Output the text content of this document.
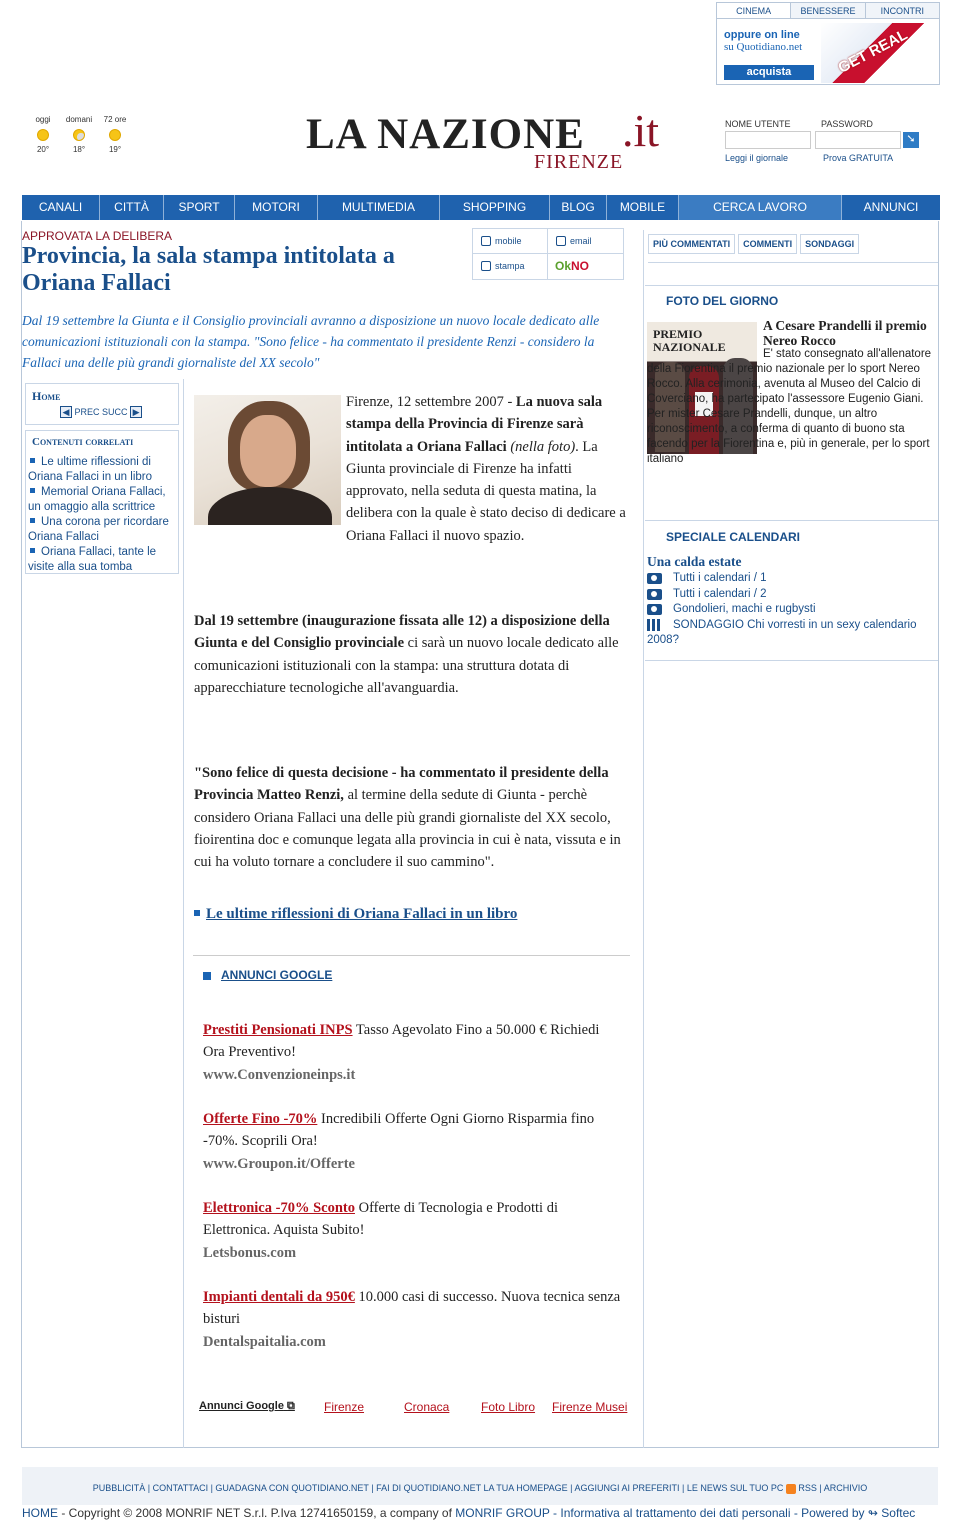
CINEMA	BENESSERE	INCONTRI
oppure on line
su Quotidiano.net
acquista	GET REAL
oggi
20°
domani
18°
72 ore
19°	LA NAZIONE .it
FIRENZE
NOME UTENTE	PASSWORD
➘
Leggi il giornale	Prova GRATUITA
CANALI	CITTÀ	SPORT	MOTORI	MULTIMEDIA	SHOPPING	BLOG	MOBILE	CERCA LAVORO	ANNUNCI
APPROVATA LA DELIBERA
Provincia, la sala stampa intitolata a Oriana Fallaci
Dal 19 settembre la Giunta e il Consiglio provinciali avranno a disposizione un nuovo locale dedicato alle comunicazioni istituzionali con la stampa. "Sono felice - ha commentato il presidente Renzi - considero la Fallaci una delle più grandi giornaliste del XX secolo"
mobile	email
stampa	OkNO
Home
◀ PREC SUCC ▶
Contenuti correlati
Le ultime riflessioni di Oriana Fallaci in un libro
Memorial Oriana Fallaci, un omaggio alla scrittrice
Una corona per ricordare Oriana Fallaci
Oriana Fallaci, tante le visite alla sua tomba
Firenze, 12 settembre 2007 - La nuova sala stampa della Provincia di Firenze sarà intitolata a Oriana Fallaci (nella foto). La Giunta provinciale di Firenze ha infatti approvato, nella seduta di questa matina, la delibera con la quale è stato deciso di dedicare a Oriana Fallaci il nuovo spazio.
Dal 19 settembre (inaugurazione fissata alle 12) a disposizione della Giunta e del Consiglio provinciale ci sarà un nuovo locale dedicato alle comunicazioni istituzionali con la stampa: una struttura dotata di apparecchiature tecnologiche all'avanguardia.
"Sono felice di questa decisione - ha commentato il presidente della Provincia Matteo Renzi, al termine della sedute di Giunta - perchè considero Oriana Fallaci una delle più grandi giornaliste del XX secolo, fioirentina doc e comunque legata alla provincia in cui è nata, vissuta e in cui ha voluto tornare a concludere il suo cammino".
Le ultime riflessioni di Oriana Fallaci in un libro
ANNUNCI GOOGLE
Prestiti Pensionati INPS Tasso Agevolato Fino a 50.000 € Richiedi Ora Preventivo!
www.Convenzioneinps.it
Offerte Fino -70% Incredibili Offerte Ogni Giorno Risparmia fino -70%. Scoprili Ora!
www.Groupon.it/Offerte
Elettronica -70% Sconto Offerte di Tecnologia e Prodotti di Elettronica. Aquista Subito!
Letsbonus.com
Impianti dentali da 950€ 10.000 casi di successo. Nuova tecnica senza bisturi
Dentalspaitalia.com
Annunci Google ⧉ Firenze	Cronaca	Foto Libro Firenze Musei
PIÙ COMMENTATI	COMMENTI	SONDAGGI
FOTO DEL GIORNO
PREMIO NAZIONALE
A Cesare Prandelli il premio Nereo Rocco
E' stato consegnato all'allenatore della Fiorentina il premio nazionale per lo sport Nereo Rocco. Alla cerimonia, avenuta al Museo del Calcio di Coverciano, ha partecipato l'assessore Eugenio Giani. Per mister Cesare Prandelli, dunque, un altro riconoscimento, a conferma di quanto di buono sta facendo per la Fiorentina e, più in generale, per lo sport italiano
SPECIALE CALENDARI
Una calda estate
Tutti i calendari / 1
Tutti i calendari / 2
Gondolieri, machi e rugbysti
SONDAGGIO Chi vorresti in un sexy calendario 2008?
PUBBLICITÀ | CONTATTACI | GUADAGNA CON QUOTIDIANO.NET | FAI DI QUOTIDIANO.NET LA TUA HOMEPAGE | AGGIUNGI AI PREFERITI | LE NEWS SUL TUO PC RSS | ARCHIVIO
HOME - Copyright © 2008 MONRIF NET S.r.l. P.Iva 12741650159, a company of MONRIF GROUP - Informativa al trattamento dei dati personali - Powered by ↬ Softec
